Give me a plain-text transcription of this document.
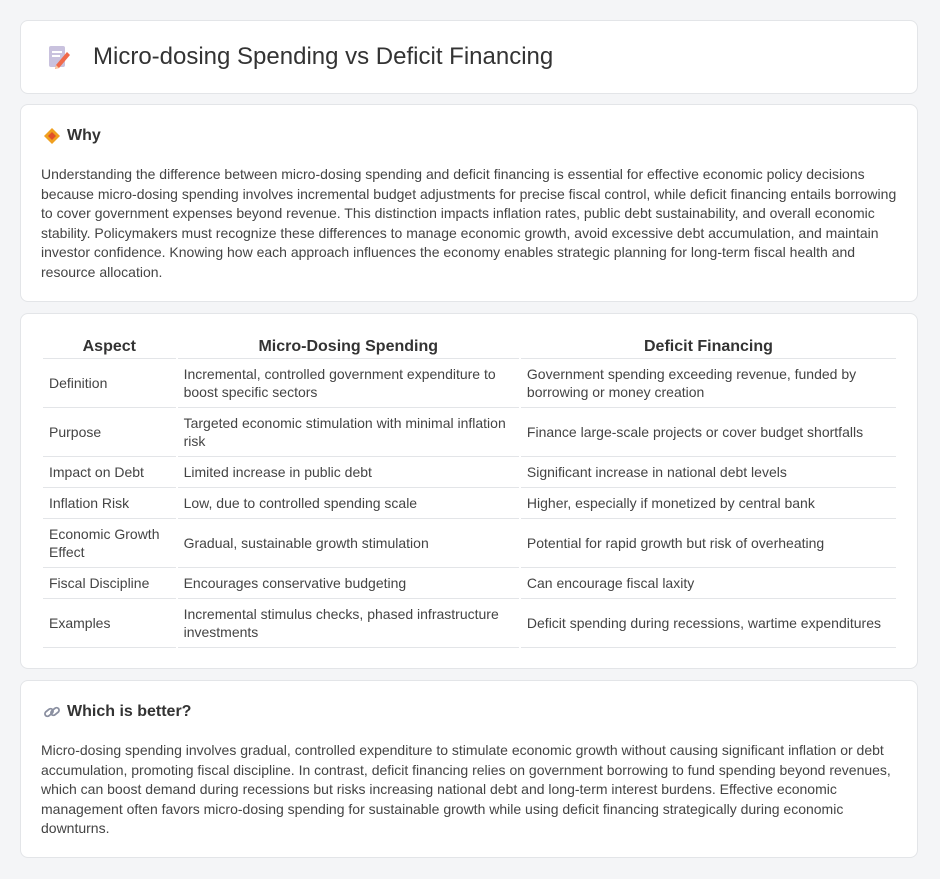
Micro-dosing Spending vs Deficit Financing
Why

Understanding the difference between micro-dosing spending and deficit financing is essential for effective economic policy decisions because micro-dosing spending involves incremental budget adjustments for precise fiscal control, while deficit financing entails borrowing to cover government expenses beyond revenue. This distinction impacts inflation rates, public debt sustainability, and overall economic stability. Policymakers must recognize these differences to manage economic growth, avoid excessive debt accumulation, and maintain investor confidence. Knowing how each approach influences the economy enables strategic planning for long-term fiscal health and resource allocation.

Aspect	Micro-Dosing Spending	Deficit Financing
Definition	Incremental, controlled government expenditure to boost specific sectors	Government spending exceeding revenue, funded by borrowing or money creation
Purpose	Targeted economic stimulation with minimal inflation risk	Finance large-scale projects or cover budget shortfalls
Impact on Debt	Limited increase in public debt	Significant increase in national debt levels
Inflation Risk	Low, due to controlled spending scale	Higher, especially if monetized by central bank
Economic Growth Effect	Gradual, sustainable growth stimulation	Potential for rapid growth but risk of overheating
Fiscal Discipline	Encourages conservative budgeting	Can encourage fiscal laxity
Examples	Incremental stimulus checks, phased infrastructure investments	Deficit spending during recessions, wartime expenditures
Which is better?

Micro-dosing spending involves gradual, controlled expenditure to stimulate economic growth without causing significant inflation or debt accumulation, promoting fiscal discipline. In contrast, deficit financing relies on government borrowing to fund spending beyond revenues, which can boost demand during recessions but risks increasing national debt and long-term interest burdens. Effective economic management often favors micro-dosing spending for sustainable growth while using deficit financing strategically during economic downturns.
